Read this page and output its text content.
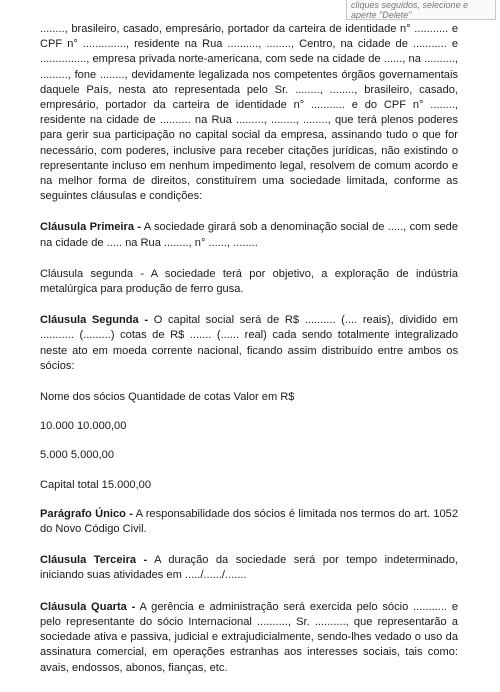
cliques seguidos, selecione e aperte "Delete"

........, brasileiro, casado, empresário, portador da carteira de identidade n° ........... e CPF n° .............., residente na Rua .........., ........, Centro, na cidade de ........... e ..............., empresa privada norte-americana, com sede na cidade de ......, na .........., ........., fone ........, devidamente legalizada nos competentes órgãos governamentais daquele País, nesta ato representada pelo Sr. ........, ........, brasileiro, casado, empresário, portador da carteira de identidade n° ........... e do CPF n° ........, residente na cidade de .......... na Rua ........., ........, ........, que terá plenos poderes para gerir sua participação no capital social da empresa, assinando tudo o que for necessário, com poderes, inclusive para receber citações jurídicas, não existindo o representante incluso em nenhum impedimento legal, resolvem de comum acordo e na melhor forma de direitos, constituírem uma sociedade limitada, conforme as seguintes cláusulas e condições:

Cláusula Primeira - A sociedade girará sob a denominação social de ....., com sede na cidade de ..... na Rua ........, n° ......, ........

Cláusula segunda - A sociedade terá por objetivo, a exploração de indústria metalúrgica para produção de ferro gusa.

Cláusula Segunda - O capital social será de R$ .......... (.... reais), dividido em ........... (.........) cotas de R$ ....... (...... real) cada sendo totalmente integralizado neste ato em moeda corrente nacional, ficando assim distribuído entre ambos os sócios:

Nome dos sócios Quantidade de cotas Valor em R$

10.000 10.000,00

5.000 5.000,00

Capital total 15.000,00

Parágrafo Único - A responsabilidade dos sócios é limitada nos termos do art. 1052 do Novo Código Civil.

Cláusula Terceira - A duração da sociedade será por tempo indeterminado, iniciando suas atividades em ...../....../.......

Cláusula Quarta - A gerência e administração será exercida pelo sócio ........... e pelo representante do sócio Internacional .........., Sr. .........., que representarão a sociedade ativa e passiva, judicial e extrajudicialmente, sendo-lhes vedado o uso da assinatura comercial, em operações estranhas aos interesses sociais, tais como: avais, endossos, abonos, fianças, etc.
